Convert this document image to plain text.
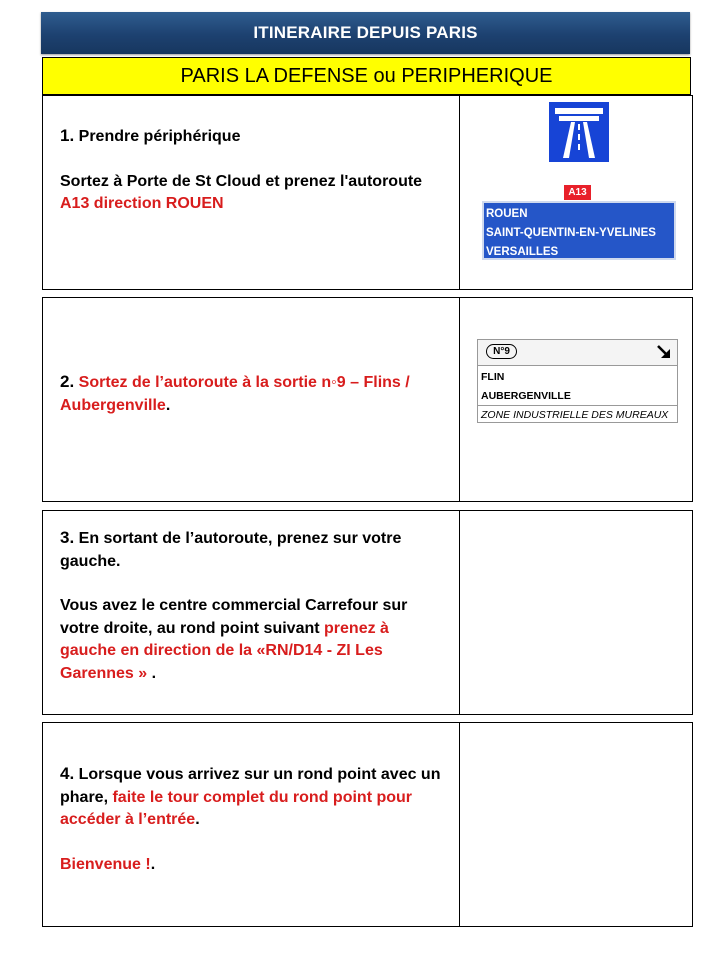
ITINERAIRE DEPUIS PARIS
PARIS LA DEFENSE ou PERIPHERIQUE

1. Prendre périphérique

Sortez à Porte de St Cloud et prenez l'autoroute A13 direction ROUEN

2. Sortez de l’autoroute à la sortie n◦9 – Flins / Aubergenville.

3. En sortant de l’autoroute, prenez sur votre gauche.

Vous avez le centre commercial Carrefour sur votre droite, au rond point suivant prenez à gauche en direction de la «RN/D14 - ZI Les Garennes » .

4. Lorsque vous arrivez sur un rond point avec un phare, faite le tour complet du rond point pour accéder à l’entrée.

Bienvenue !.

A13
ROUEN
SAINT-QUENTIN-EN-YVELINES
VERSAILLES
N°9
FLIN
AUBERGENVILLE
ZONE INDUSTRIELLE DES MUREAUX
